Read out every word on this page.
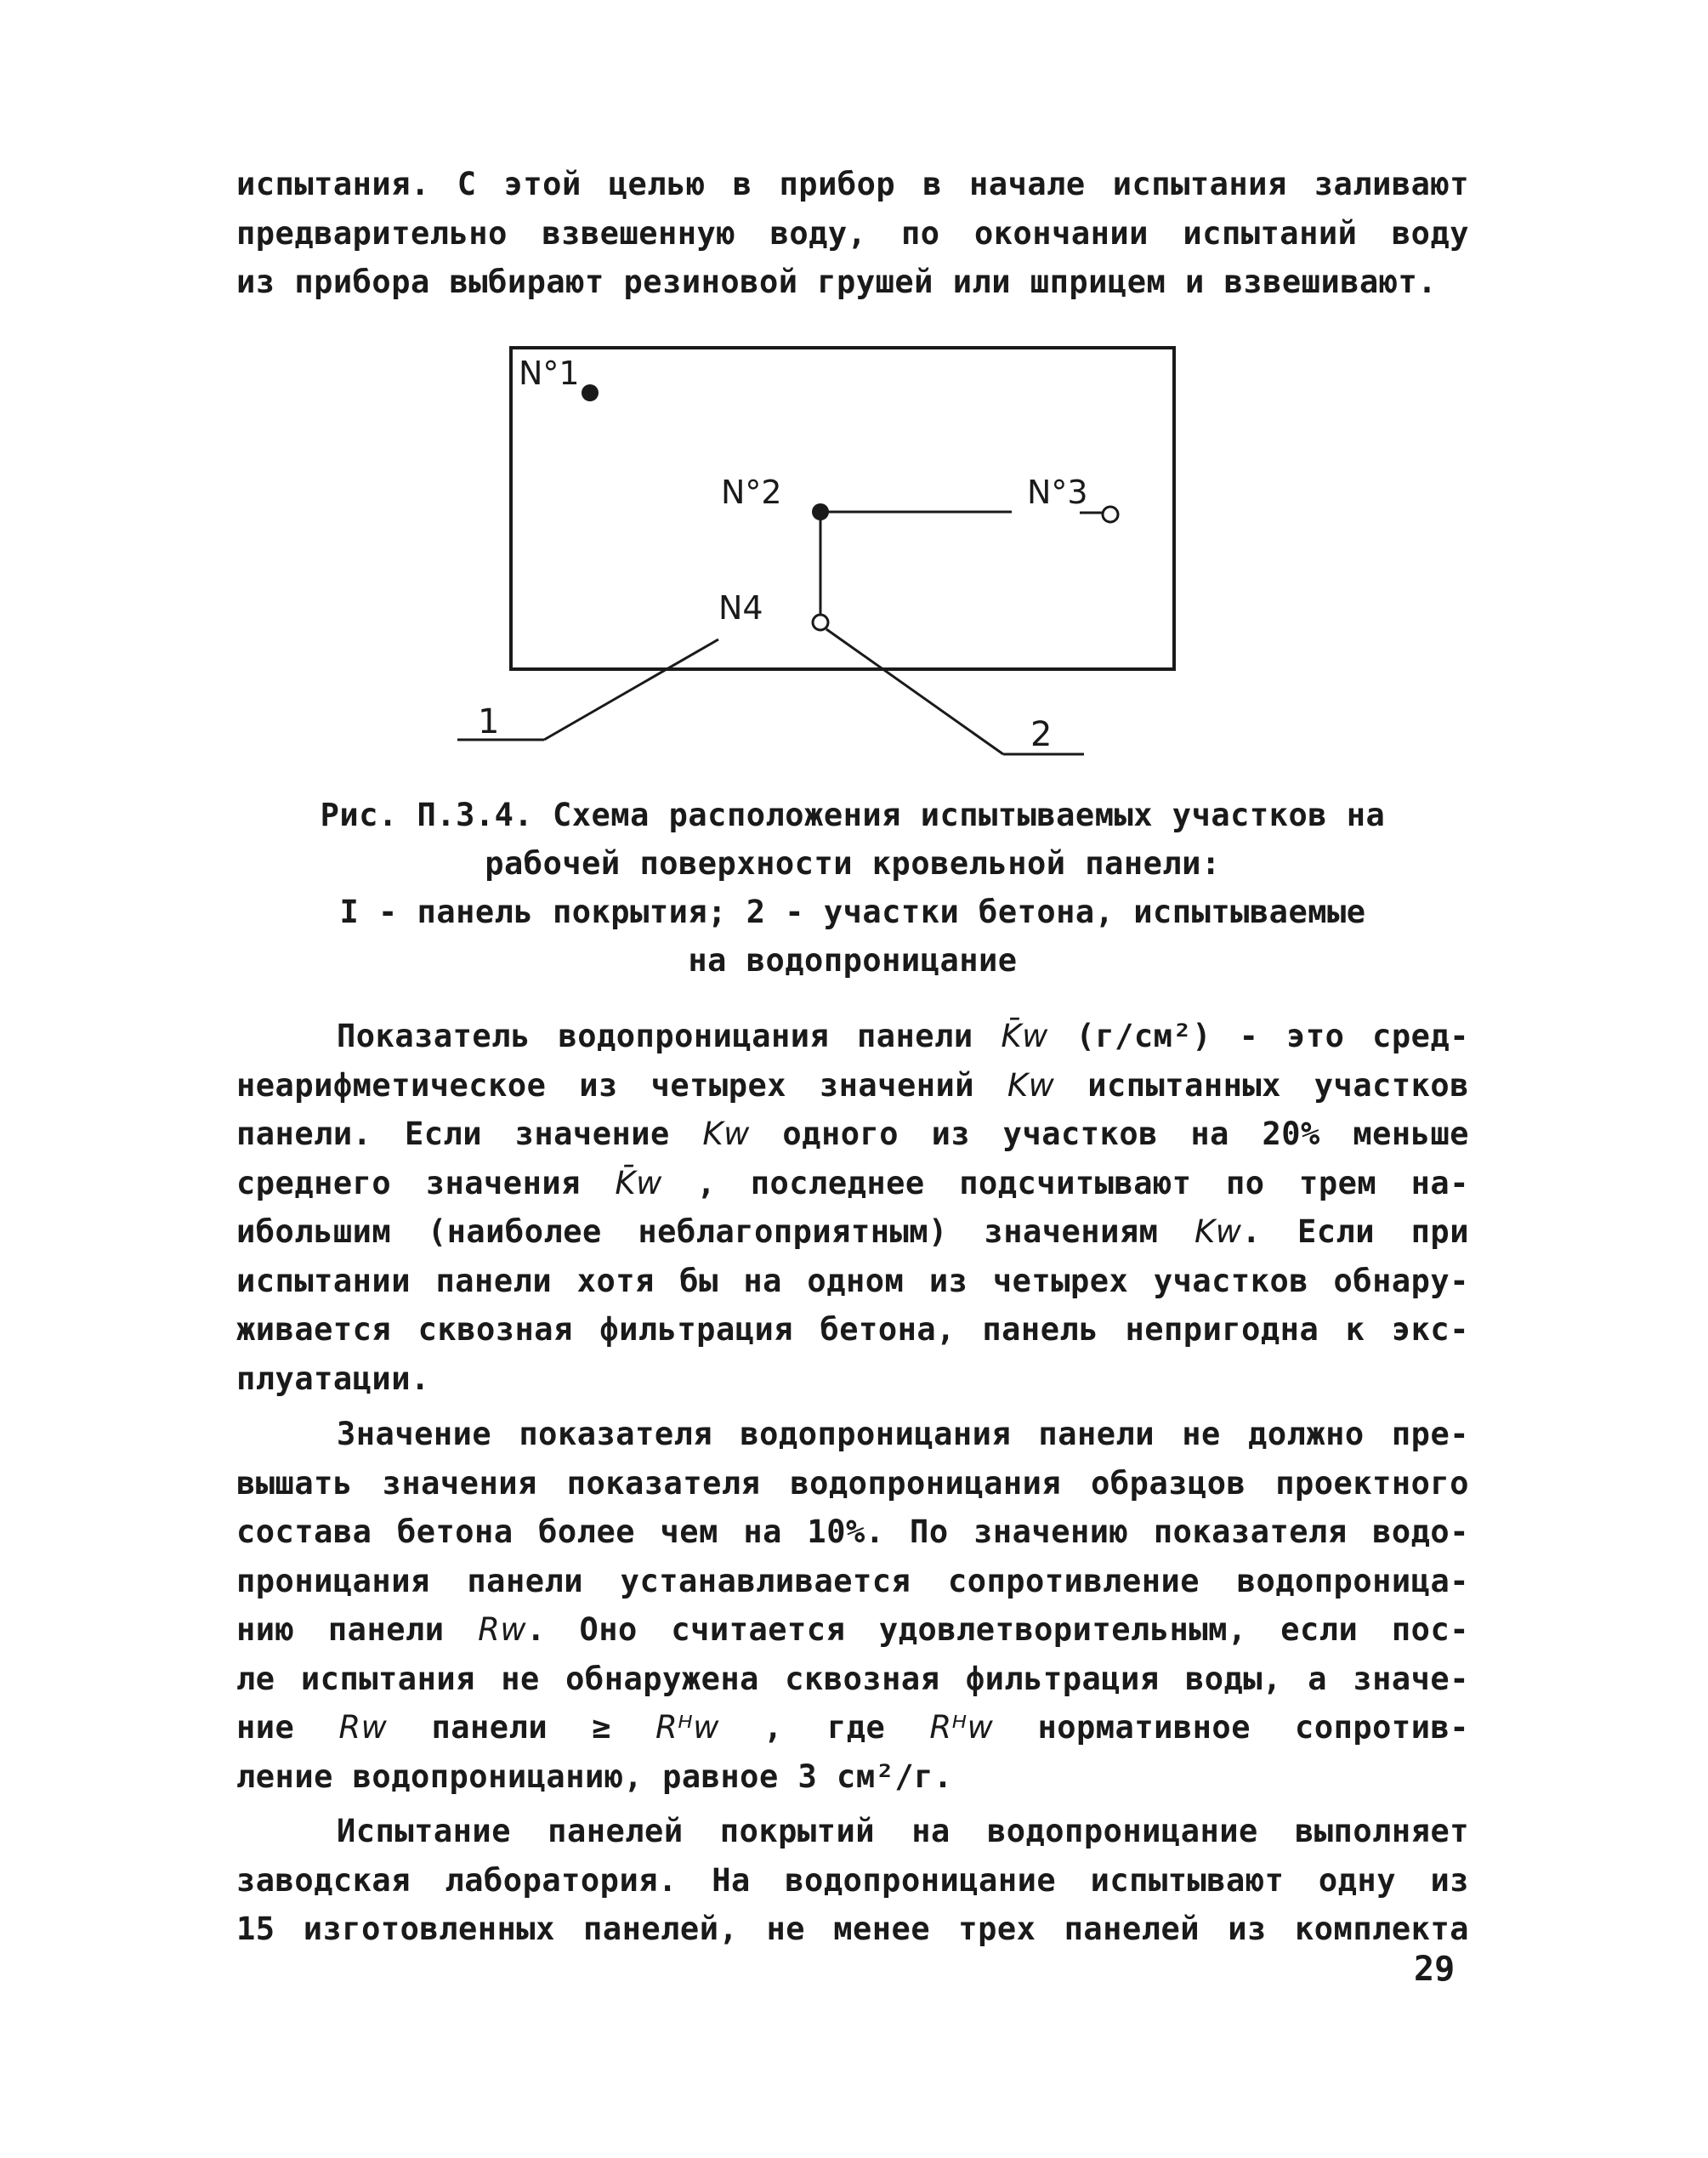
испытания. С этой целью в прибор в начале испытания заливают
предварительно взвешенную воду, по окончании испытаний воду
из прибора выбирают резиновой грушей или шприцем и взвешивают.
N°1
N°2	N°3
N4
1	2
Рис. П.3.4. Схема расположения испытываемых участков на
рабочей поверхности кровельной панели:
I - панель покрытия; 2 - участки бетона, испытываемые
на водопроницание
Показатель водопроницания панели K̄w (г/см²) - это сред-
неарифметическое из четырех значений Kw испытанных участков
панели. Если значение Kw одного из участков на 20% меньше
среднего значения K̄w , последнее подсчитывают по трем на-
ибольшим (наиболее неблагоприятным) значениям Kw. Если при
испытании панели хотя бы на одном из четырех участков обнару-
живается сквозная фильтрация бетона, панель непригодна к экс-
плуатации.
Значение показателя водопроницания панели не должно пре-
вышать значения показателя водопроницания образцов проектного
состава бетона более чем на 10%. По значению показателя водо-
проницания панели устанавливается сопротивление водопроница-
нию панели Rw. Оно считается удовлетворительным, если пос-
ле испытания не обнаружена сквозная фильтрация воды, а значе-
ние Rw панели ≥ Rᴴw , где Rᴴw нормативное сопротив-
ление водопроницанию, равное 3 см²/г.
Испытание панелей покрытий на водопроницание выполняет
заводская лаборатория. На водопроницание испытывают одну из
15 изготовленных панелей, не менее трех панелей из комплекта
29
